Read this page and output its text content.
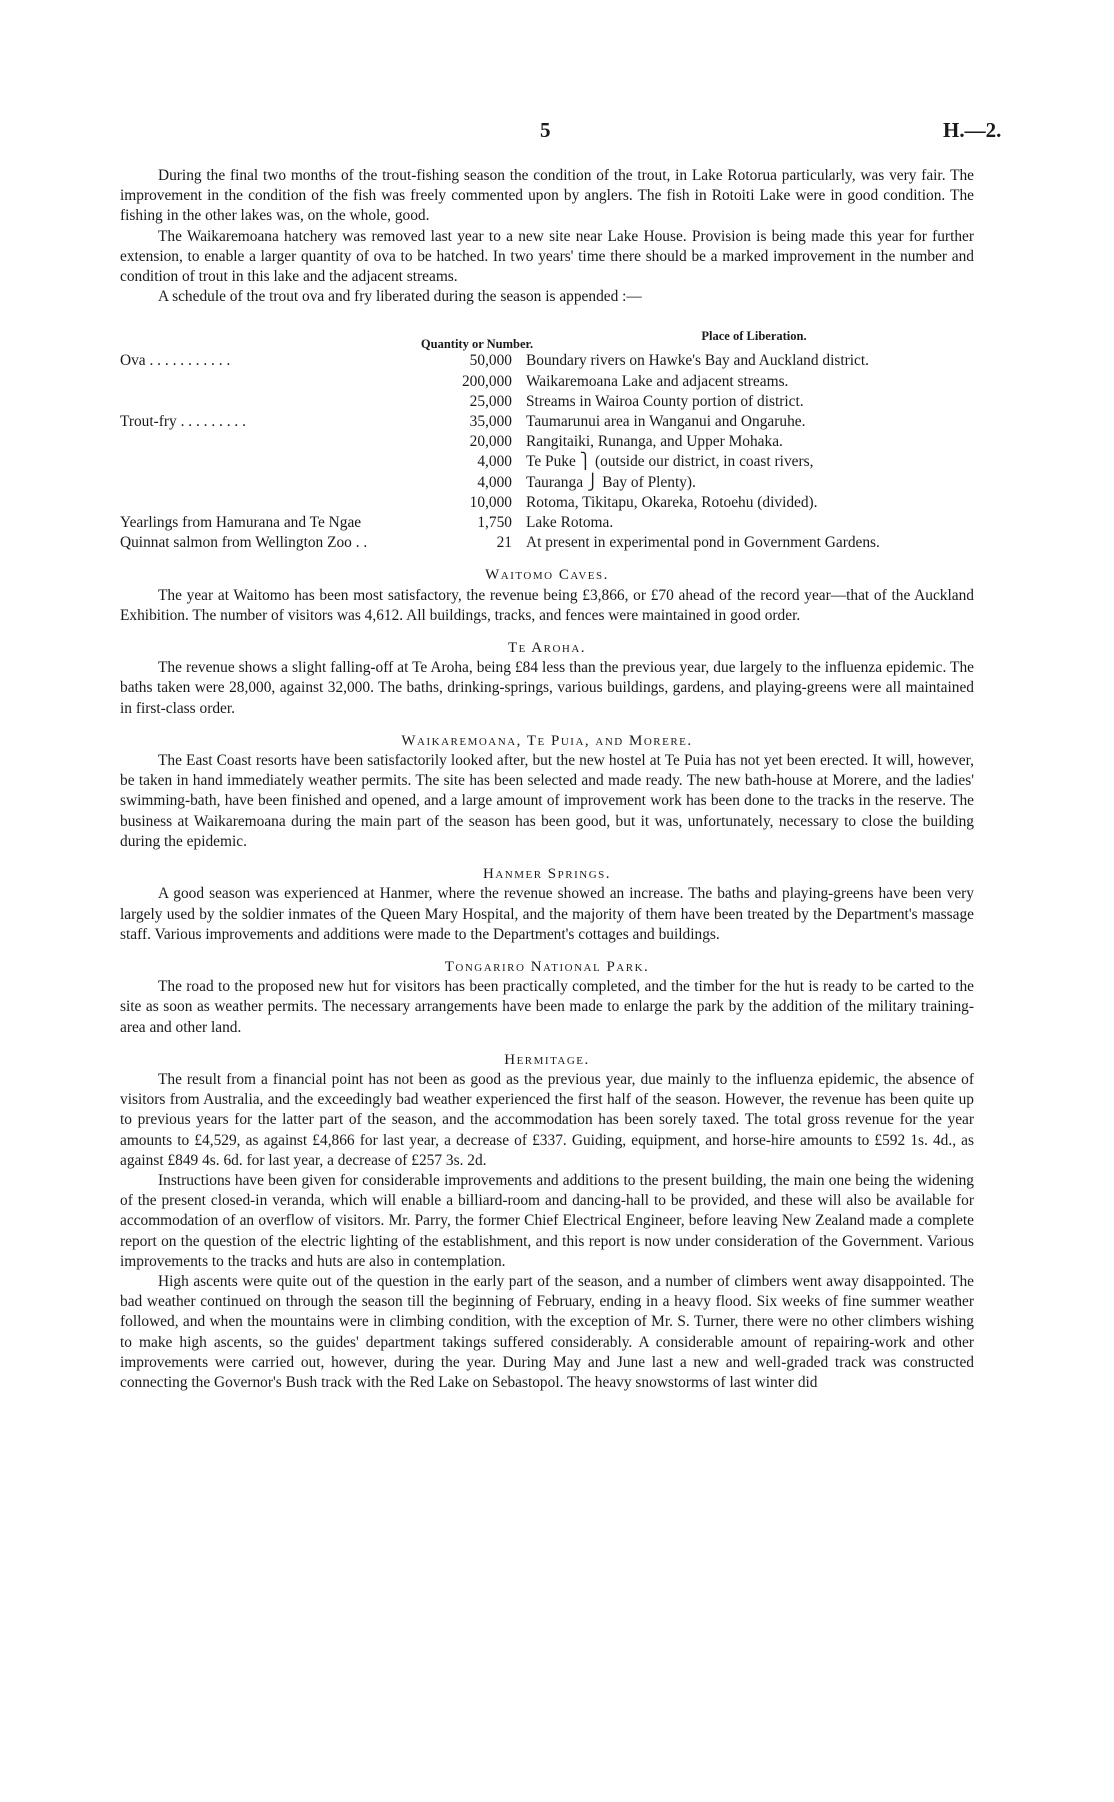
5	H.—2.

During the final two months of the trout-fishing season the condition of the trout, in Lake Rotorua particularly, was very fair. The improvement in the condition of the fish was freely commented upon by anglers. The fish in Rotoiti Lake were in good condition. The fishing in the other lakes was, on the whole, good.

The Waikaremoana hatchery was removed last year to a new site near Lake House. Provision is being made this year for further extension, to enable a larger quantity of ova to be hatched. In two years' time there should be a marked improvement in the number and condition of trout in this lake and the adjacent streams.

A schedule of the trout ova and fry liberated during the season is appended :—

Quantity or Number.
Place of Liberation.
Ova . . . . . . . . . . .	50,000 Boundary rivers on Hawke's Bay and Auckland district.
200,000 Waikaremoana Lake and adjacent streams.
25,000 Streams in Wairoa County portion of district.
Trout-fry . . . . . . . . .	35,000 Taumarunui area in Wanganui and Ongaruhe.
20,000 Rangitaiki, Runanga, and Upper Mohaka.
4,000 Te Puke ⎫ (outside our district, in coast rivers,
4,000 Tauranga ⎭ Bay of Plenty).
10,000 Rotoma, Tikitapu, Okareka, Rotoehu (divided).
Yearlings from Hamurana and Te Ngae	1,750 Lake Rotoma.
Quinnat salmon from Wellington Zoo . .	21 At present in experimental pond in Government Gardens.
Waitomo Caves.

The year at Waitomo has been most satisfactory, the revenue being £3,866, or £70 ahead of the record year—that of the Auckland Exhibition. The number of visitors was 4,612. All buildings, tracks, and fences were maintained in good order.

Te Aroha.

The revenue shows a slight falling-off at Te Aroha, being £84 less than the previous year, due largely to the influenza epidemic. The baths taken were 28,000, against 32,000. The baths, drinking-springs, various buildings, gardens, and playing-greens were all maintained in first-class order.

Waikaremoana, Te Puia, and Morere.

The East Coast resorts have been satisfactorily looked after, but the new hostel at Te Puia has not yet been erected. It will, however, be taken in hand immediately weather permits. The site has been selected and made ready. The new bath-house at Morere, and the ladies' swimming-bath, have been finished and opened, and a large amount of improvement work has been done to the tracks in the reserve. The business at Waikaremoana during the main part of the season has been good, but it was, unfortunately, necessary to close the building during the epidemic.

Hanmer Springs.

A good season was experienced at Hanmer, where the revenue showed an increase. The baths and playing-greens have been very largely used by the soldier inmates of the Queen Mary Hospital, and the majority of them have been treated by the Department's massage staff. Various improvements and additions were made to the Department's cottages and buildings.

Tongariro National Park.

The road to the proposed new hut for visitors has been practically completed, and the timber for the hut is ready to be carted to the site as soon as weather permits. The necessary arrangements have been made to enlarge the park by the addition of the military training-area and other land.

Hermitage.

The result from a financial point has not been as good as the previous year, due mainly to the influenza epidemic, the absence of visitors from Australia, and the exceedingly bad weather experienced the first half of the season. However, the revenue has been quite up to previous years for the latter part of the season, and the accommodation has been sorely taxed. The total gross revenue for the year amounts to £4,529, as against £4,866 for last year, a decrease of £337. Guiding, equipment, and horse-hire amounts to £592 1s. 4d., as against £849 4s. 6d. for last year, a decrease of £257 3s. 2d.

Instructions have been given for considerable improvements and additions to the present building, the main one being the widening of the present closed-in veranda, which will enable a billiard-room and dancing-hall to be provided, and these will also be available for accommodation of an overflow of visitors. Mr. Parry, the former Chief Electrical Engineer, before leaving New Zealand made a complete report on the question of the electric lighting of the establishment, and this report is now under consideration of the Government. Various improvements to the tracks and huts are also in contemplation.

High ascents were quite out of the question in the early part of the season, and a number of climbers went away disappointed. The bad weather continued on through the season till the beginning of February, ending in a heavy flood. Six weeks of fine summer weather followed, and when the mountains were in climbing condition, with the exception of Mr. S. Turner, there were no other climbers wishing to make high ascents, so the guides' department takings suffered considerably. A considerable amount of repairing-work and other improvements were carried out, however, during the year. During May and June last a new and well-graded track was constructed connecting the Governor's Bush track with the Red Lake on Sebastopol. The heavy snowstorms of last winter did
